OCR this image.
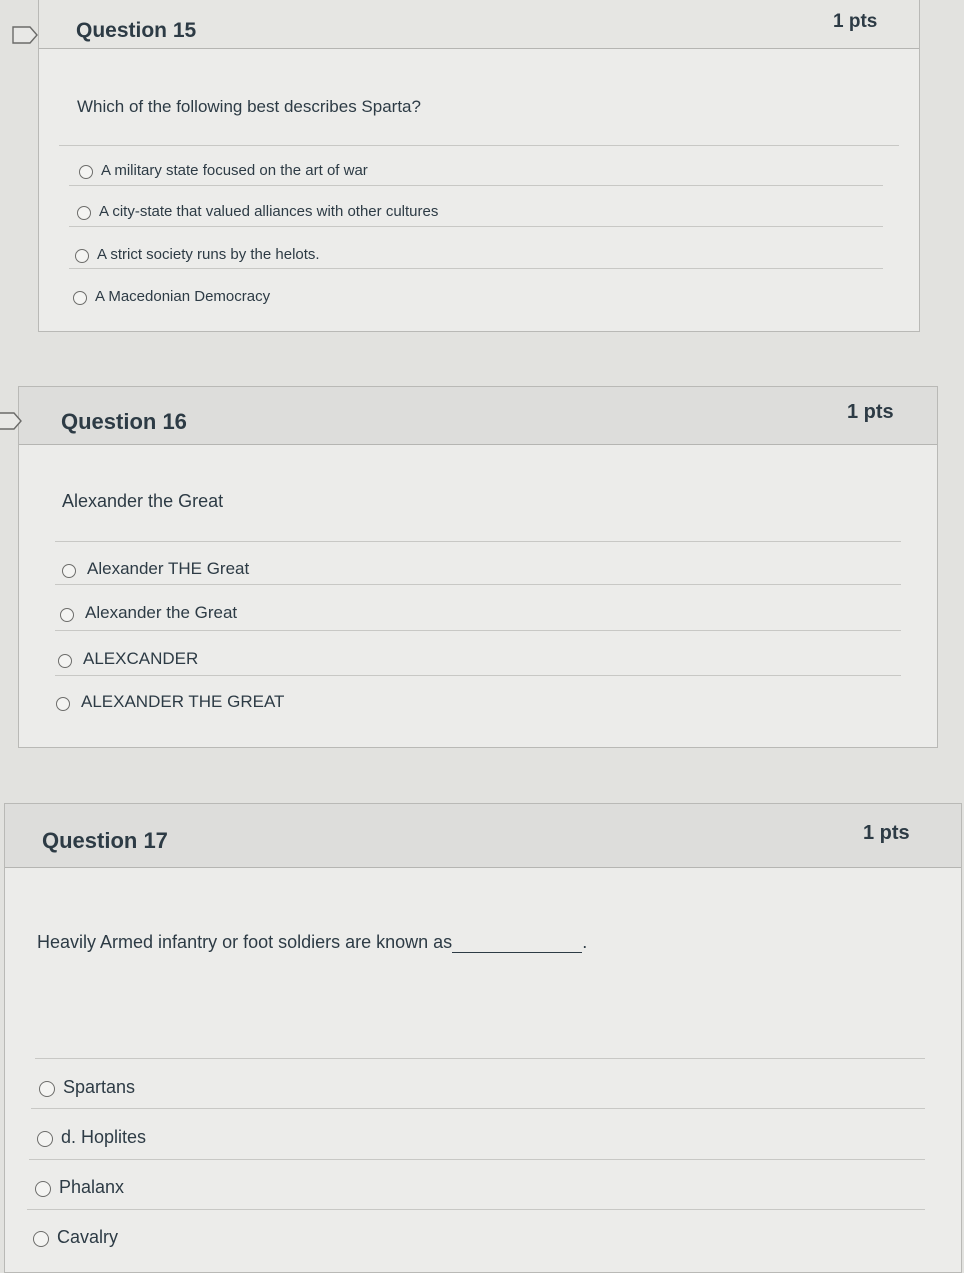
Question 15	1 pts
Which of the following best describes Sparta?
A military state focused on the art of war
A city-state that valued alliances with other cultures
A strict society runs by the helots.
A Macedonian Democracy
Question 16	1 pts
Alexander the Great
Alexander THE Great
Alexander the Great
ALEXCANDER
ALEXANDER THE GREAT
Question 17	1 pts
Heavily Armed infantry or foot soldiers are known as	.
Spartans
d. Hoplites
Phalanx
Cavalry
